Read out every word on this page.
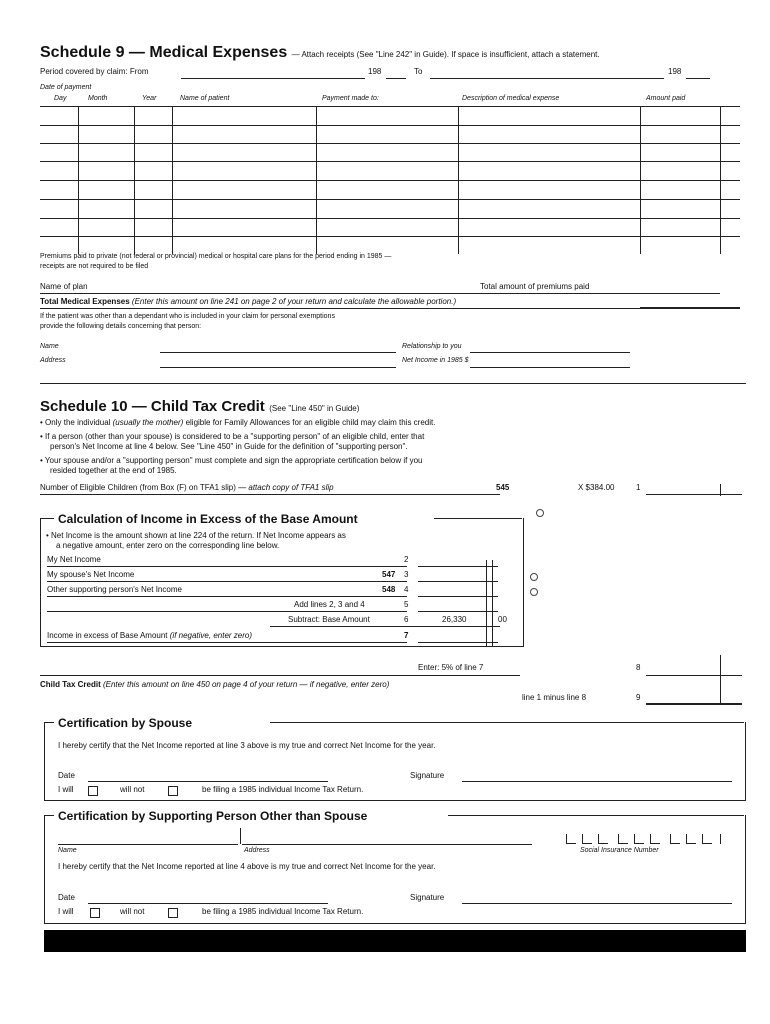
Schedule 9 — Medical Expenses — Attach receipts (See "Line 242" in Guide). If space is insufficient, attach a statement.
Period covered by claim: From	198	To	198
Date of payment
Day	Month	Year	Name of patient	Payment made to:	Description of medical expense	Amount paid
Premiums paid to private (not federal or provincial) medical or hospital care plans for the period ending in 1985 —
receipts are not required to be filed
Name of plan	Total amount of premiums paid
Total Medical Expenses (Enter this amount on line 241 on page 2 of your return and calculate the allowable portion.)
If the patient was other than a dependant who is included in your claim for personal exemptions
provide the following details concerning that person:
Name	Relationship to you
Address	Net Income in 1985 $
Schedule 10 — Child Tax Credit (See "Line 450" in Guide)
• Only the individual (usually the mother) eligible for Family Allowances for an eligible child may claim this credit.
• If a person (other than your spouse) is considered to be a "supporting person" of an eligible child, enter that
person's Net Income at line 4 below. See "Line 450" in Guide for the definition of "supporting person".
• Your spouse and/or a "supporting person" must complete and sign the appropriate certification below if you
resided together at the end of 1985.
Number of Eligible Children (from Box (F) on TFA1 slip) — attach copy of TFA1 slip	545	X $384.00	1
Calculation of Income in Excess of the Base Amount
• Net Income is the amount shown at line 224 of the return. If Net Income appears as
a negative amount, enter zero on the corresponding line below.
My Net Income	2
My spouse's Net Income	547 3
Other supporting person's Net Income	548 4
Add lines 2, 3 and 4	5
Subtract: Base Amount	6	26,330	00
Income in excess of Base Amount (if negative, enter zero)	7
Enter: 5% of line 7	8
Child Tax Credit (Enter this amount on line 450 on page 4 of your return — if negative, enter zero)
line 1 minus line 8	9
Certification by Spouse
I hereby certify that the Net Income reported at line 3 above is my true and correct Net Income for the year.
Date	Signature
I will	will not	be filing a 1985 individual Income Tax Return.
Certification by Supporting Person Other than Spouse
Name	Address	Social Insurance Number
I hereby certify that the Net Income reported at line 4 above is my true and correct Net Income for the year.
Date	Signature
I will	will not	be filing a 1985 individual Income Tax Return.
